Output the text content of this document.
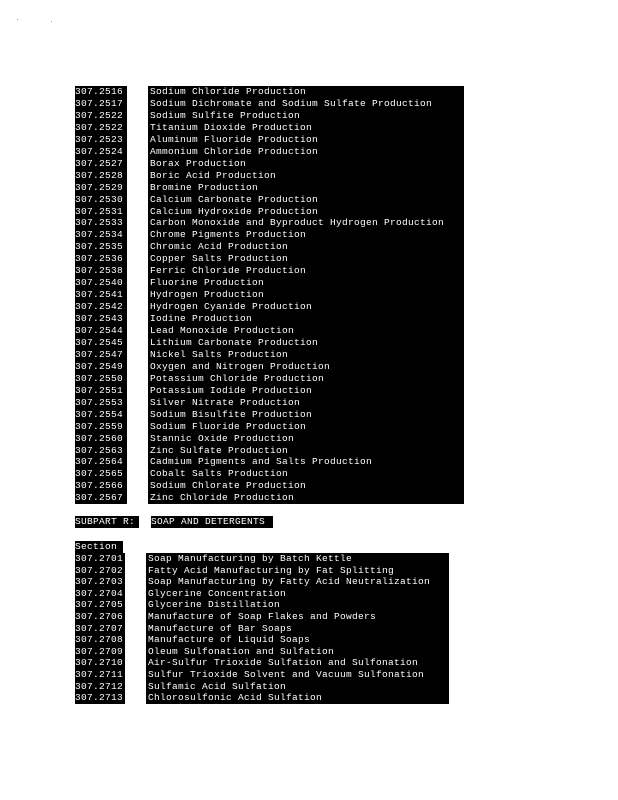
307.2516	Sodium Chloride Production
307.2517	Sodium Dichromate and Sodium Sulfate Production
307.2522	Sodium Sulfite Production
307.2522	Titanium Dioxide Production
307.2523	Aluminum Fluoride Production
307.2524	Ammonium Chloride Production
307.2527	Borax Production
307.2528	Boric Acid Production
307.2529	Bromine Production
307.2530	Calcium Carbonate Production
307.2531	Calcium Hydroxide Production
307.2533	Carbon Monoxide and Byproduct Hydrogen Production
307.2534	Chrome Pigments Production
307.2535	Chromic Acid Production
307.2536	Copper Salts Production
307.2538	Ferric Chloride Production
307.2540	Fluorine Production
307.2541	Hydrogen Production
307.2542	Hydrogen Cyanide Production
307.2543	Iodine Production
307.2544	Lead Monoxide Production
307.2545	Lithium Carbonate Production
307.2547	Nickel Salts Production
307.2549	Oxygen and Nitrogen Production
307.2550	Potassium Chloride Production
307.2551	Potassium Iodide Production
307.2553	Silver Nitrate Production
307.2554	Sodium Bisulfite Production
307.2559	Sodium Fluoride Production
307.2560	Stannic Oxide Production
307.2563	Zinc Sulfate Production
307.2564	Cadmium Pigments and Salts Production
307.2565	Cobalt Salts Production
307.2566	Sodium Chlorate Production
307.2567	Zinc Chloride Production
SUBPART R:	SOAP AND DETERGENTS
Section
307.2701	Soap Manufacturing by Batch Kettle
307.2702	Fatty Acid Manufacturing by Fat Splitting
307.2703	Soap Manufacturing by Fatty Acid Neutralization
307.2704	Glycerine Concentration
307.2705	Glycerine Distillation
307.2706	Manufacture of Soap Flakes and Powders
307.2707	Manufacture of Bar Soaps
307.2708	Manufacture of Liquid Soaps
307.2709	Oleum Sulfonation and Sulfation
307.2710	Air-Sulfur Trioxide Sulfation and Sulfonation
307.2711	Sulfur Trioxide Solvent and Vacuum Sulfonation
307.2712	Sulfamic Acid Sulfation
307.2713	Chlorosulfonic Acid Sulfation
